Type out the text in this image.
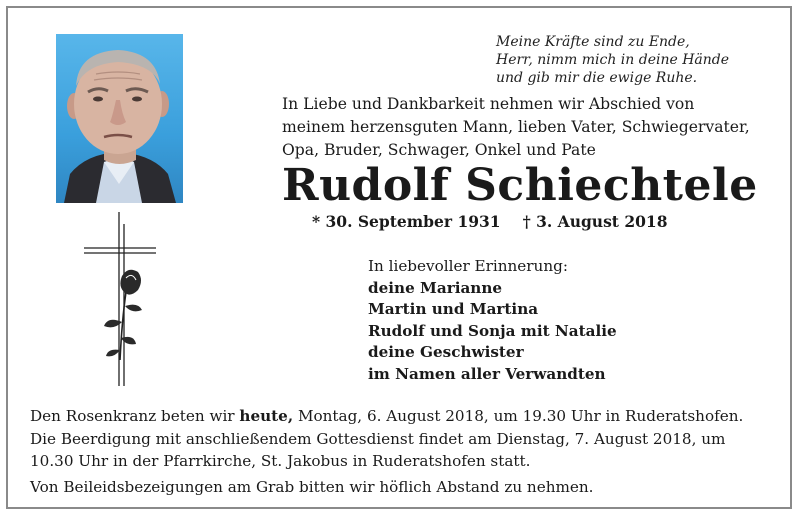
Meine Kräfte sind zu Ende,
Herr, nimm mich in deine Hände
und gib mir die ewige Ruhe.
In Liebe und Dankbarkeit nehmen wir Abschied von
meinem herzensguten Mann, lieben Vater, Schwiegervater,
Opa, Bruder, Schwager, Onkel und Pate
Rudolf Schiechtele
* 30. September 1931 † 3. August 2018
In liebevoller Erinnerung:
deine Marianne
Martin und Martina
Rudolf und Sonja mit Natalie
deine Geschwister
im Namen aller Verwandten
Den Rosenkranz beten wir heute, Montag, 6. August 2018, um 19.30 Uhr in Ruderatshofen.
Die Beerdigung mit anschließendem Gottesdienst findet am Dienstag, 7. August 2018, um
10.30 Uhr in der Pfarrkirche, St. Jakobus in Ruderatshofen statt.
Von Beileidsbezeigungen am Grab bitten wir höflich Abstand zu nehmen.
